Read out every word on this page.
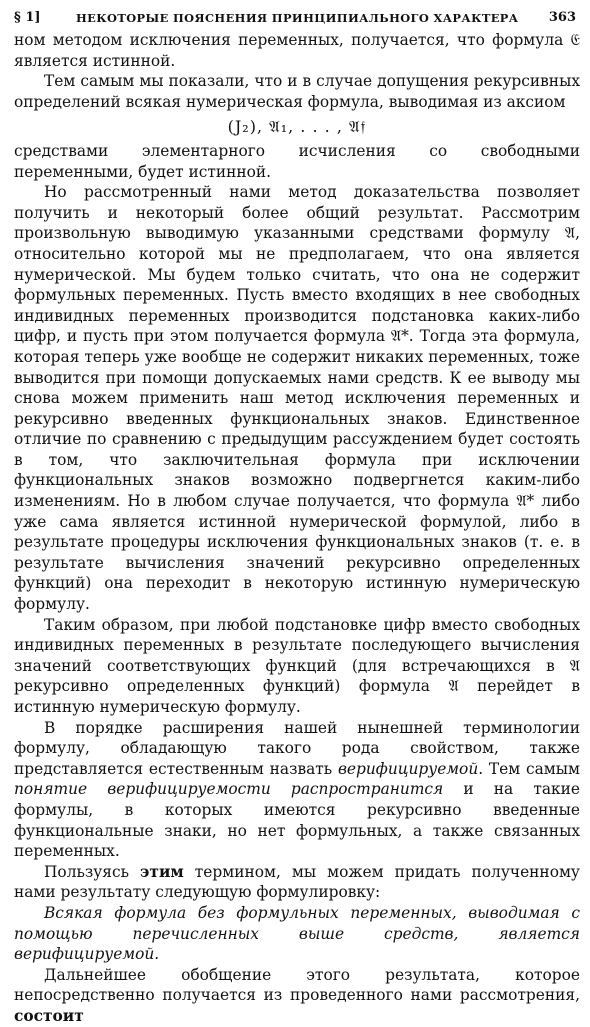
§ 1]	НЕКОТОРЫЕ ПОЯСНЕНИЯ ПРИНЦИПИАЛЬНОГО ХАРАКТЕРА 363

ном методом исключения переменных, получается, что формула 𝔈 является истинной.

Тем самым мы показали, что и в случае допущения рекурсивных определений всякая нумерическая формула, выводимая из аксиом

(J₂), 𝔄₁, . . . , 𝔄𝔣

средствами элементарного исчисления со свободными переменными, будет истинной.

Но рассмотренный нами метод доказательства позволяет получить и некоторый более общий результат. Рассмотрим произвольную выводимую указанными средствами формулу 𝔄, относительно которой мы не предполагаем, что она является нумерической. Мы будем только считать, что она не содержит формульных переменных. Пусть вместо входящих в нее свободных индивидных переменных производится подстановка каких-либо цифр, и пусть при этом получается формула 𝔄*. Тогда эта формула, которая теперь уже вообще не содержит никаких переменных, тоже выводится при помощи допускаемых нами средств. К ее выводу мы снова можем применить наш метод исключения переменных и рекурсивно введенных функциональных знаков. Единственное отличие по сравнению с предыдущим рассуждением будет состоять в том, что заключительная формула при исключении функциональных знаков возможно подвергнется каким-либо изменениям. Но в любом случае получается, что формула 𝔄* либо уже сама является истинной нумерической формулой, либо в результате процедуры исключения функциональных знаков (т. е. в результате вычисления значений рекурсивно определенных функций) она переходит в некоторую истинную нумерическую формулу.

Таким образом, при любой подстановке цифр вместо свободных индивидных переменных в результате последующего вычисления значений соответствующих функций (для встречающихся в 𝔄 рекурсивно определенных функций) формула 𝔄 перейдет в истинную нумерическую формулу.

В порядке расширения нашей нынешней терминологии формулу, обладающую такого рода свойством, также представляется естественным назвать верифицируемой. Тем самым понятие верифицируемости распространится и на такие формулы, в которых имеются рекурсивно введенные функциональные знаки, но нет формульных, а также связанных переменных.

Пользуясь этим термином, мы можем придать полученному нами результату следующую формулировку:

Всякая формула без формульных переменных, выводимая с помощью перечисленных выше средств, является верифицируемой.

Дальнейшее обобщение этого результата, которое непосредственно получается из проведенного нами рассмотрения, состоит
